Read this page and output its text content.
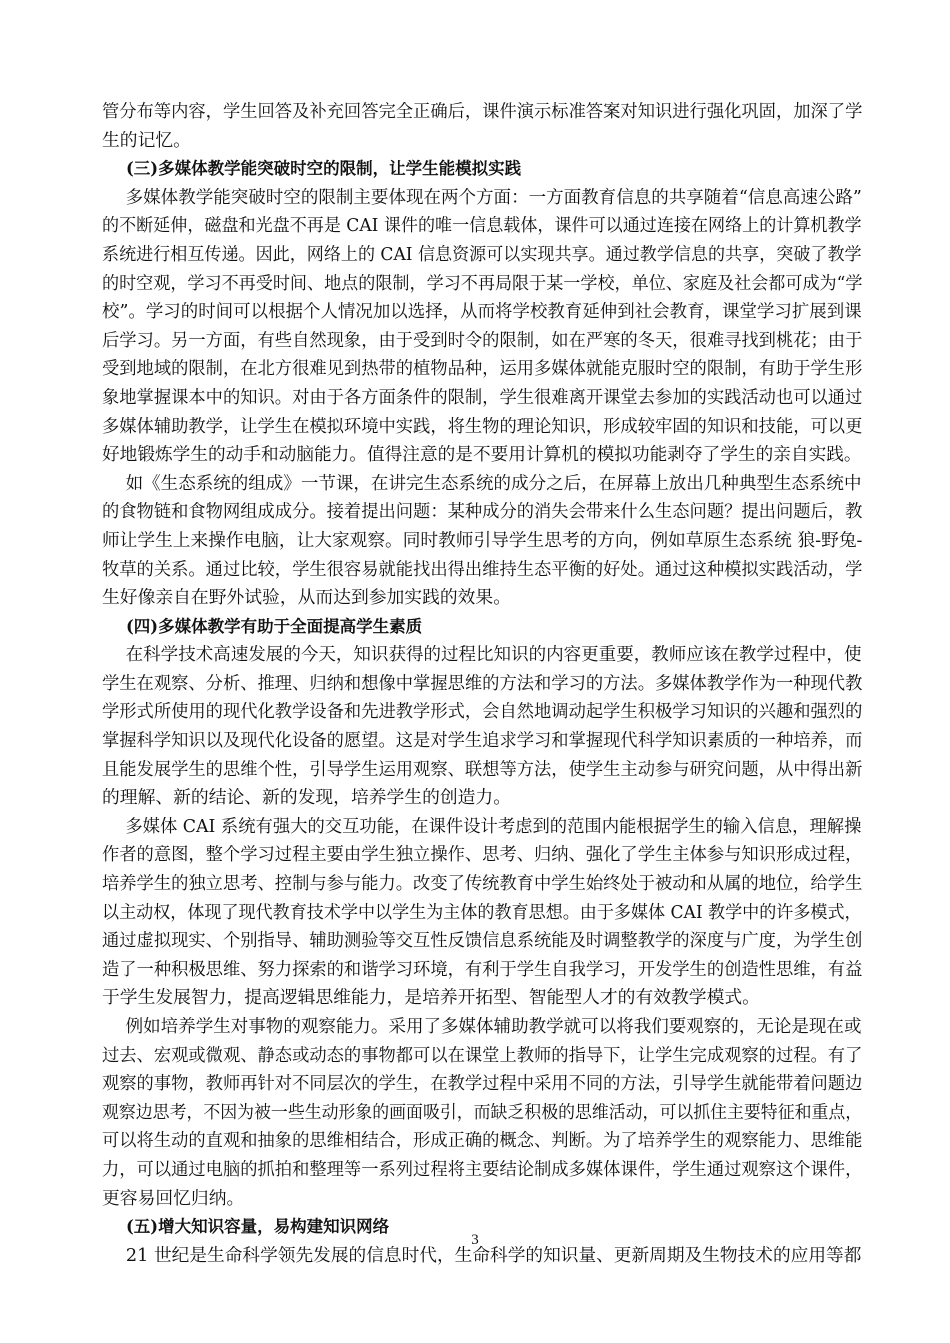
管分布等内容，学生回答及补充回答完全正确后，课件演示标准答案对知识进行强化巩固，加深了学
生的记忆。
(三)多媒体教学能突破时空的限制，让学生能模拟实践
多媒体教学能突破时空的限制主要体现在两个方面：一方面教育信息的共享随着“信息高速公路”
的不断延伸，磁盘和光盘不再是 CAI 课件的唯一信息载体，课件可以通过连接在网络上的计算机教学
系统进行相互传递。因此，网络上的 CAI 信息资源可以实现共享。通过教学信息的共享，突破了教学
的时空观，学习不再受时间、地点的限制，学习不再局限于某一学校，单位、家庭及社会都可成为“学
校”。学习的时间可以根据个人情况加以选择，从而将学校教育延伸到社会教育，课堂学习扩展到课
后学习。另一方面，有些自然现象，由于受到时令的限制，如在严寒的冬天，很难寻找到桃花；由于
受到地域的限制，在北方很难见到热带的植物品种，运用多媒体就能克服时空的限制，有助于学生形
象地掌握课本中的知识。对由于各方面条件的限制，学生很难离开课堂去参加的实践活动也可以通过
多媒体辅助教学，让学生在模拟环境中实践，将生物的理论知识，形成较牢固的知识和技能，可以更
好地锻炼学生的动手和动脑能力。值得注意的是不要用计算机的模拟功能剥夺了学生的亲自实践。
如《生态系统的组成》一节课，在讲完生态系统的成分之后，在屏幕上放出几种典型生态系统中
的食物链和食物网组成成分。接着提出问题：某种成分的消失会带来什么生态问题？提出问题后，教
师让学生上来操作电脑，让大家观察。同时教师引导学生思考的方向，例如草原生态系统 狼-野兔-
牧草的关系。通过比较，学生很容易就能找出得出维持生态平衡的好处。通过这种模拟实践活动，学
生好像亲自在野外试验，从而达到参加实践的效果。
(四)多媒体教学有助于全面提高学生素质
在科学技术高速发展的今天，知识获得的过程比知识的内容更重要，教师应该在教学过程中，使
学生在观察、分析、推理、归纳和想像中掌握思维的方法和学习的方法。多媒体教学作为一种现代教
学形式所使用的现代化教学设备和先进教学形式，会自然地调动起学生积极学习知识的兴趣和强烈的
掌握科学知识以及现代化设备的愿望。这是对学生追求学习和掌握现代科学知识素质的一种培养，而
且能发展学生的思维个性，引导学生运用观察、联想等方法，使学生主动参与研究问题，从中得出新
的理解、新的结论、新的发现，培养学生的创造力。
多媒体 CAI 系统有强大的交互功能，在课件设计考虑到的范围内能根据学生的输入信息，理解操
作者的意图，整个学习过程主要由学生独立操作、思考、归纳、强化了学生主体参与知识形成过程，
培养学生的独立思考、控制与参与能力。改变了传统教育中学生始终处于被动和从属的地位，给学生
以主动权，体现了现代教育技术学中以学生为主体的教育思想。由于多媒体 CAI 教学中的许多模式，
通过虚拟现实、个别指导、辅助测验等交互性反馈信息系统能及时调整教学的深度与广度，为学生创
造了一种积极思维、努力探索的和谐学习环境，有利于学生自我学习，开发学生的创造性思维，有益
于学生发展智力，提高逻辑思维能力，是培养开拓型、智能型人才的有效教学模式。
例如培养学生对事物的观察能力。采用了多媒体辅助教学就可以将我们要观察的，无论是现在或
过去、宏观或微观、静态或动态的事物都可以在课堂上教师的指导下，让学生完成观察的过程。有了
观察的事物，教师再针对不同层次的学生，在教学过程中采用不同的方法，引导学生就能带着问题边
观察边思考，不因为被一些生动形象的画面吸引，而缺乏积极的思维活动，可以抓住主要特征和重点，
可以将生动的直观和抽象的思维相结合，形成正确的概念、判断。为了培养学生的观察能力、思维能
力，可以通过电脑的抓拍和整理等一系列过程将主要结论制成多媒体课件，学生通过观察这个课件，
更容易回忆归纳。
(五)增大知识容量，易构建知识网络
21 世纪是生命科学领先发展的信息时代，生命科学的知识量、更新周期及生物技术的应用等都
3
